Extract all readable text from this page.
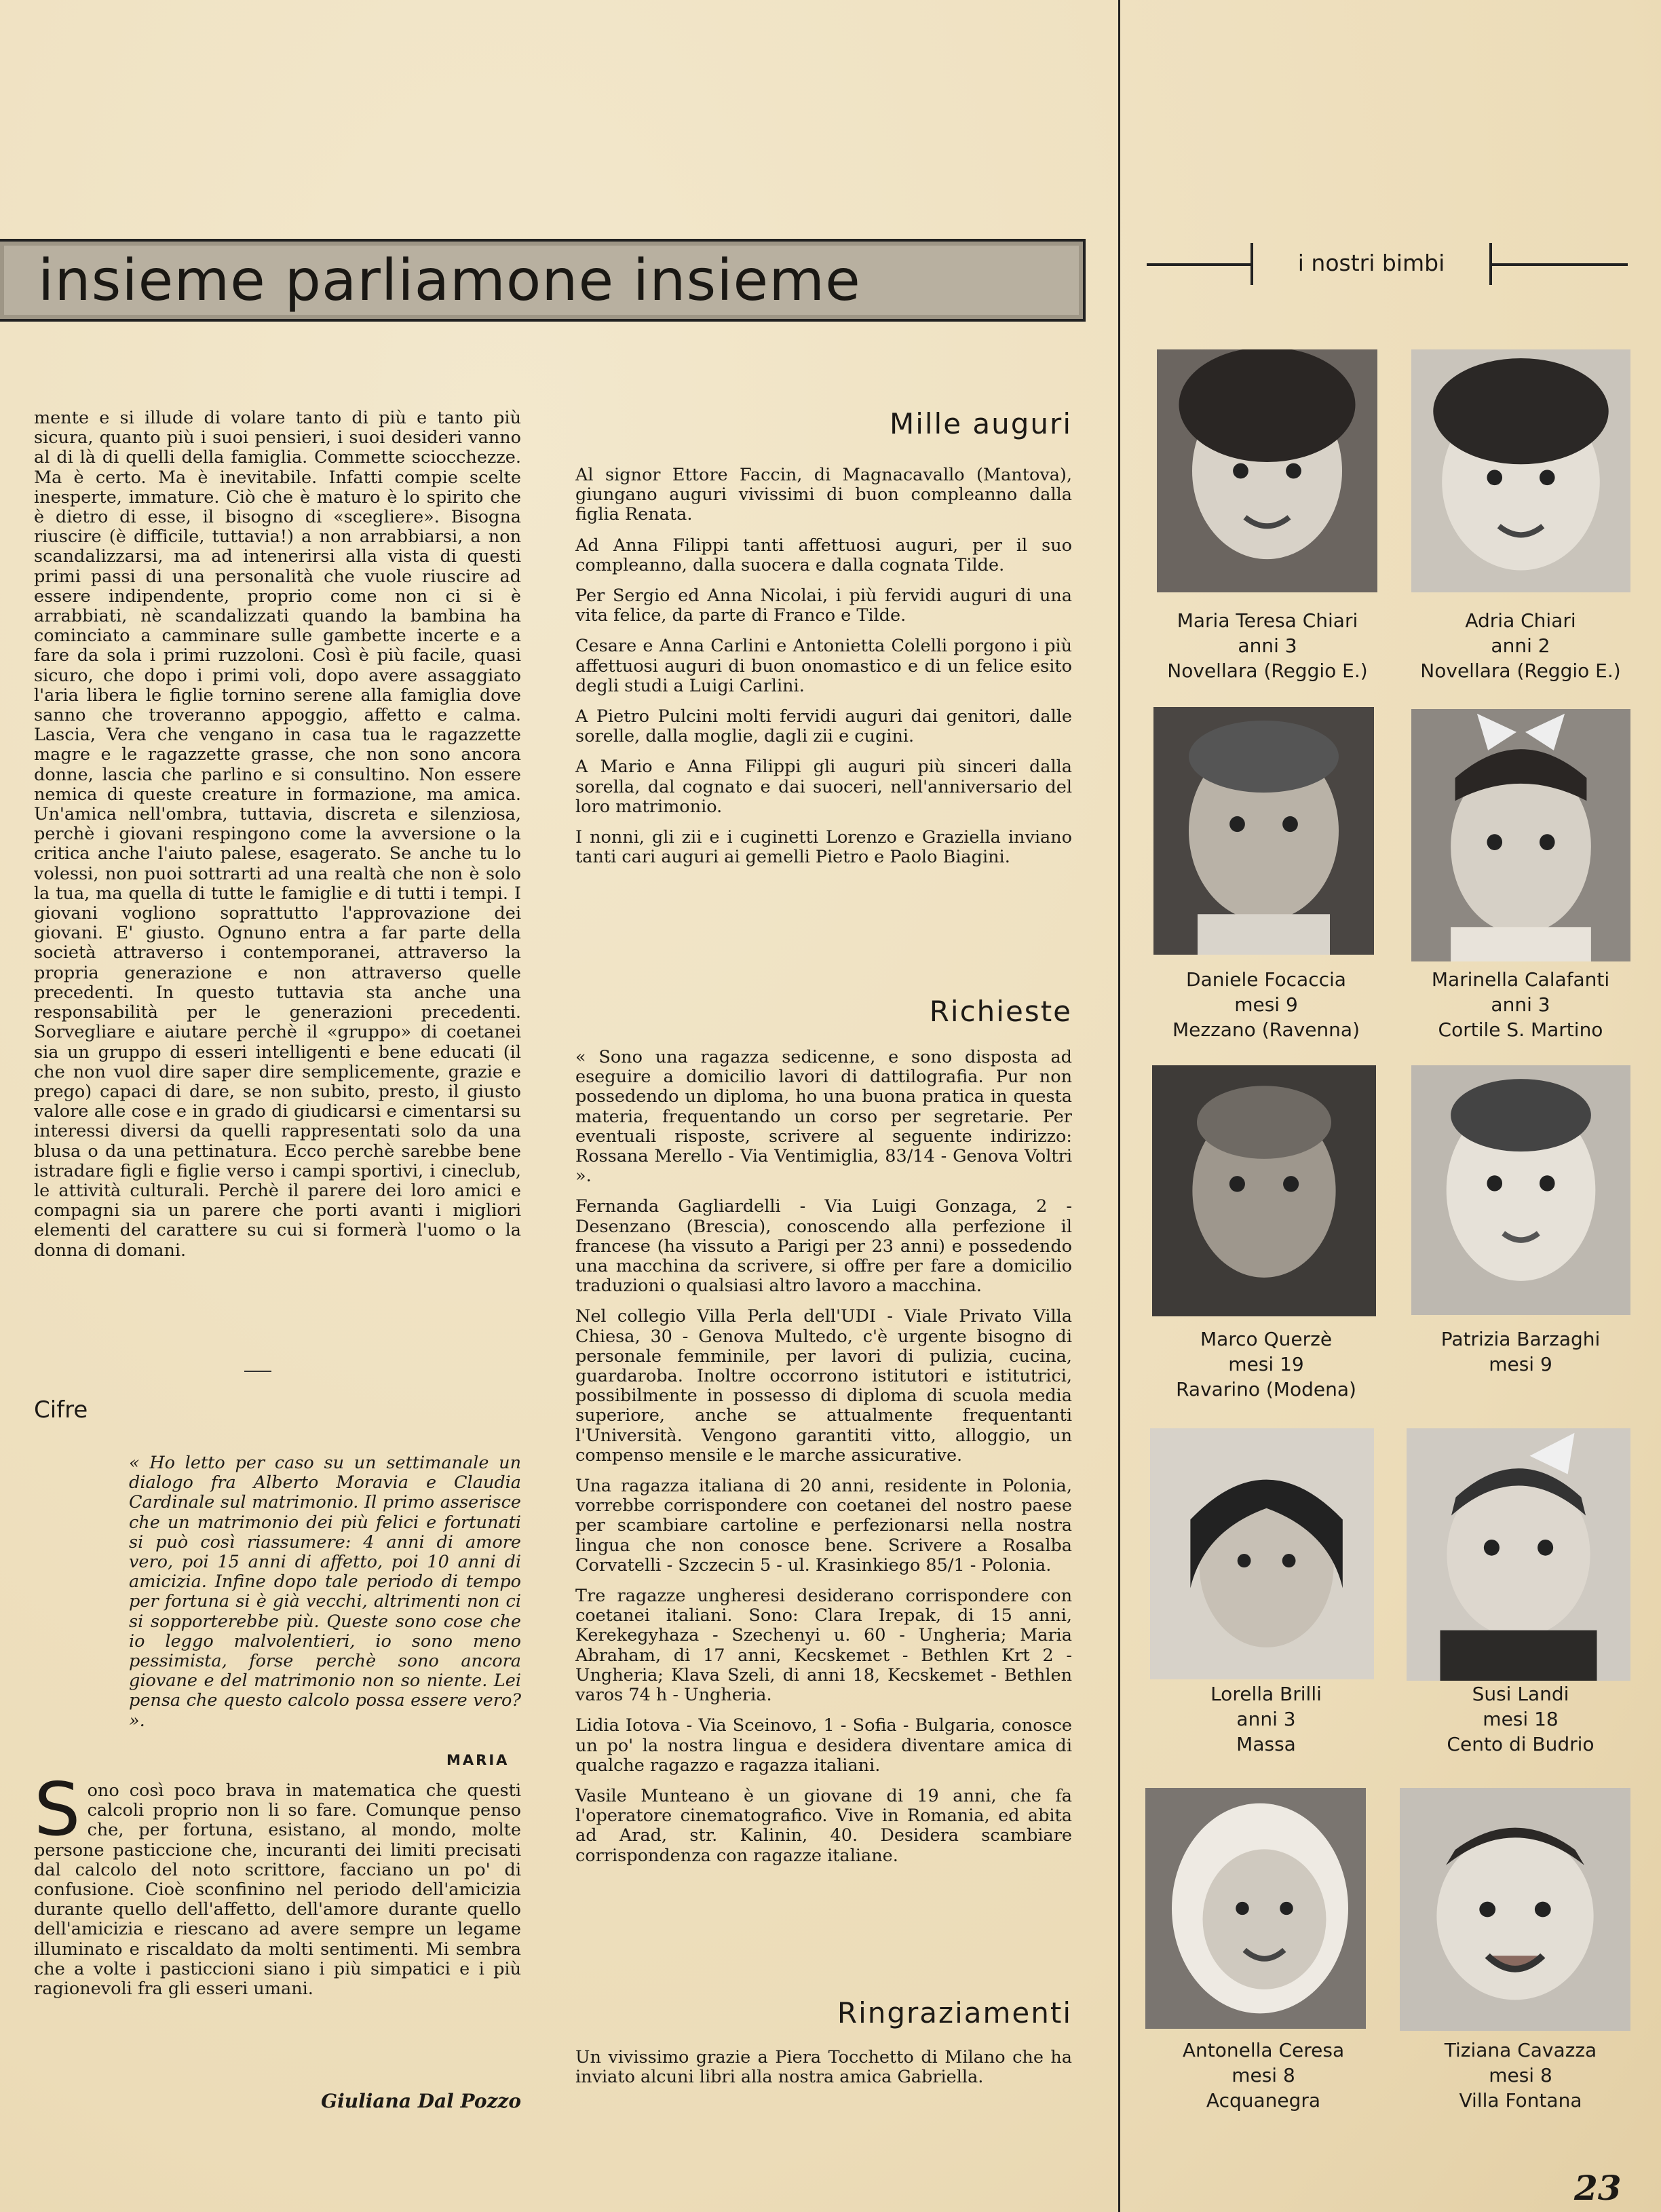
insieme parliamone insieme	i nostri bimbi

mente e si illude di volare tanto di più e tanto più sicura, quanto più i suoi pensieri, i suoi desideri vanno al di là di quelli della famiglia. Commette sciocchezze. Ma è certo. Ma è inevitabile. Infatti compie scelte inesperte, immature. Ciò che è maturo è lo spirito che è dietro di esse, il bisogno di «scegliere». Bisogna riuscire (è difficile, tuttavia!) a non arrabbiarsi, a non scandalizzarsi, ma ad intenerirsi alla vista di questi primi passi di una personalità che vuole riuscire ad essere indipendente, proprio come non ci si è arrabbiati, nè scandalizzati quando la bambina ha cominciato a camminare sulle gambette incerte e a fare da sola i primi ruzzoloni. Così è più facile, quasi sicuro, che dopo i primi voli, dopo avere assaggiato l'aria libera le figlie tornino serene alla famiglia dove sanno che troveranno appoggio, affetto e calma. Lascia, Vera che vengano in casa tua le ragazzette magre e le ragazzette grasse, che non sono ancora donne, lascia che parlino e si consultino. Non essere nemica di queste creature in formazione, ma amica. Un'amica nell'ombra, tuttavia, discreta e silenziosa, perchè i giovani respingono come la avversione o la critica anche l'aiuto palese, esagerato. Se anche tu lo volessi, non puoi sottrarti ad una realtà che non è solo la tua, ma quella di tutte le famiglie e di tutti i tempi. I giovani vogliono soprattutto l'approvazione dei giovani. E' giusto. Ognuno entra a far parte della società attraverso i contemporanei, attraverso la propria generazione e non attraverso quelle precedenti. In questo tuttavia sta anche una responsabilità per le generazioni precedenti. Sorvegliare e aiutare perchè il «gruppo» di coetanei sia un gruppo di esseri intelligenti e bene educati (il che non vuol dire saper dire semplicemente, grazie e prego) capaci di dare, se non subito, presto, il giusto valore alle cose e in grado di giudicarsi e cimentarsi su interessi diversi da quelli rappresentati solo da una blusa o da una pettinatura. Ecco perchè sarebbe bene istradare figli e figlie verso i campi sportivi, i cineclub, le attività culturali. Perchè il parere dei loro amici e compagni sia un parere che porti avanti i migliori elementi del carattere su cui si formerà l'uomo o la donna di domani.

Cifre
« Ho letto per caso su un settimanale un dialogo fra Alberto Moravia e Claudia Cardinale sul matrimonio. Il primo asserisce che un matrimonio dei più felici e fortunati si può così riassumere: 4 anni di amore vero, poi 15 anni di affetto, poi 10 anni di amicizia. Infine dopo tale periodo di tempo per fortuna si è già vecchi, altrimenti non ci si sopporterebbe più. Queste sono cose che io leggo malvolentieri, io sono meno pessimista, forse perchè sono ancora giovane e del matrimonio non so niente. Lei pensa che questo calcolo possa essere vero? ».
MARIA
S ono così poco brava in matematica che questi calcoli proprio non li so fare. Comunque penso che, per fortuna, esistano, al mondo, molte persone pasticcione che, incuranti dei limiti precisati dal calcolo del noto scrittore, facciano un po' di confusione. Cioè sconfinino nel periodo dell'amicizia durante quello dell'affetto, dell'amore durante quello dell'amicizia e riescano ad avere sempre un legame illuminato e riscaldato da molti sentimenti. Mi sembra che a volte i pasticcioni siano i più simpatici e i più ragionevoli fra gli esseri umani.
Giuliana Dal Pozzo
Mille auguri

Al signor Ettore Faccin, di Magnacavallo (Mantova), giungano auguri vivissimi di buon compleanno dalla figlia Renata.

Ad Anna Filippi tanti affettuosi auguri, per il suo compleanno, dalla suocera e dalla cognata Tilde.

Per Sergio ed Anna Nicolai, i più fervidi auguri di una vita felice, da parte di Franco e Tilde.

Cesare e Anna Carlini e Antonietta Colelli porgono i più affettuosi auguri di buon onomastico e di un felice esito degli studi a Luigi Carlini.

A Pietro Pulcini molti fervidi auguri dai genitori, dalle sorelle, dalla moglie, dagli zii e cugini.

A Mario e Anna Filippi gli auguri più sinceri dalla sorella, dal cognato e dai suoceri, nell'anniversario del loro matrimonio.

I nonni, gli zii e i cuginetti Lorenzo e Graziella inviano tanti cari auguri ai gemelli Pietro e Paolo Biagini.

Richieste

« Sono una ragazza sedicenne, e sono disposta ad eseguire a domicilio lavori di dattilografia. Pur non possedendo un diploma, ho una buona pratica in questa materia, frequentando un corso per segretarie. Per eventuali risposte, scrivere al seguente indirizzo: Rossana Merello - Via Ventimiglia, 83/14 - Genova Voltri ».

Fernanda Gagliardelli - Via Luigi Gonzaga, 2 - Desenzano (Brescia), conoscendo alla perfezione il francese (ha vissuto a Parigi per 23 anni) e possedendo una macchina da scrivere, si offre per fare a domicilio traduzioni o qualsiasi altro lavoro a macchina.

Nel collegio Villa Perla dell'UDI - Viale Privato Villa Chiesa, 30 - Genova Multedo, c'è urgente bisogno di personale femminile, per lavori di pulizia, cucina, guardaroba. Inoltre occorrono istitutori e istitutrici, possibilmente in possesso di diploma di scuola media superiore, anche se attualmente frequentanti l'Università. Vengono garantiti vitto, alloggio, un compenso mensile e le marche assicurative.

Una ragazza italiana di 20 anni, residente in Polonia, vorrebbe corrispondere con coetanei del nostro paese per scambiare cartoline e perfezionarsi nella nostra lingua che non conosce bene. Scrivere a Rosalba Corvatelli - Szczecin 5 - ul. Krasinkiego 85/1 - Polonia.

Tre ragazze ungheresi desiderano corrispondere con coetanei italiani. Sono: Clara Irepak, di 15 anni, Kerekegyhaza - Szechenyi u. 60 - Ungheria; Maria Abraham, di 17 anni, Kecskemet - Bethlen Krt 2 - Ungheria; Klava Szeli, di anni 18, Kecskemet - Bethlen varos 74 h - Ungheria.

Lidia Iotova - Via Sceinovo, 1 - Sofia - Bulgaria, conosce un po' la nostra lingua e desidera diventare amica di qualche ragazzo e ragazza italiani.

Vasile Munteano è un giovane di 19 anni, che fa l'operatore cinematografico. Vive in Romania, ed abita ad Arad, str. Kalinin, 40. Desidera scambiare corrispondenza con ragazze italiane.

Ringraziamenti

Un vivissimo grazie a Piera Tocchetto di Milano che ha inviato alcuni libri alla nostra amica Gabriella.

Maria Teresa Chiari
anni 3
Novellara (Reggio E.)
Adria Chiari
anni 2
Novellara (Reggio E.)
Daniele Focaccia
mesi 9
Mezzano (Ravenna)
Marinella Calafanti
anni 3
Cortile S. Martino
Marco Querzè
mesi 19
Ravarino (Modena)
Patrizia Barzaghi
mesi 9
Lorella Brilli
anni 3
Massa
Susi Landi
mesi 18
Cento di Budrio
Antonella Ceresa
mesi 8
Acquanegra
Tiziana Cavazza
mesi 8
Villa Fontana
23
